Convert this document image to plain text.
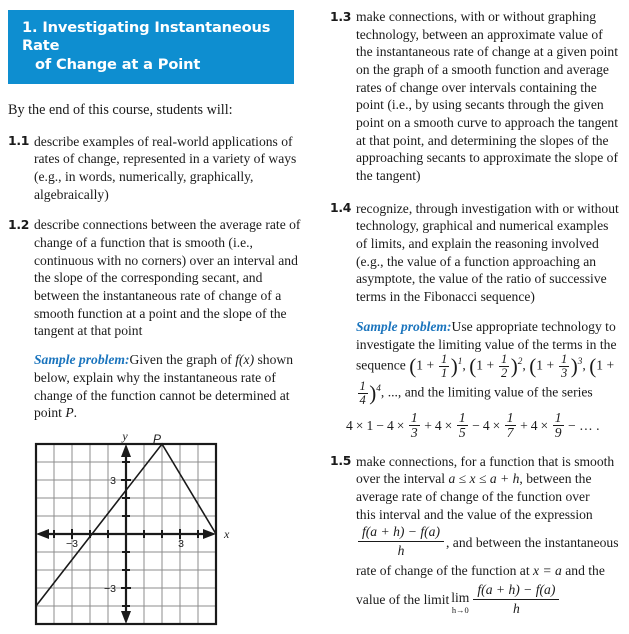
1. Investigating Instantaneous Rate
of Change at a Point
By the end of this course, students will:
1.1 describe examples of real-world applications of rates of change, represented in a variety of ways (e.g., in words, numerically, graphically, algebraically)
1.2 describe connections between the average rate of change of a function that is smooth (i.e., continuous with no corners) over an interval and the slope of the corresponding secant, and between the instantaneous rate of change of a smooth function at a point and the slope of the tangent at that point
Sample problem:Given the graph of f(x) shown below, explain why the instantaneous rate of change of the function cannot be determined at point P.
y
x
P
3
−3
−3	3
1.3 make connections, with or without graphing technology, between an approximate value of the instantaneous rate of change at a given point on the graph of a smooth function and average rates of change over intervals containing the point (i.e., by using secants through the given point on a smooth curve to approach the tangent at that point, and determining the slopes of the approaching secants to approximate the slope of the tangent)
1.4 recognize, through investigation with or without technology, graphical and numerical examples of limits, and explain the reasoning involved (e.g., the value of a function approaching an asymptote, the value of the ratio of successive terms in the Fibonacci sequence)
Sample problem:Use appropriate technology to investigate the limiting value of the terms in the sequence $(1 + \frac{1}{1} )^1$, $(1 + \frac{1}{2} )^2$, $(1 + \frac{1}{3} )^3$, (1 +
$\frac{1}{4} )^4$, ..., and the limiting value of the series
$4 \times 1 - 4 \times \frac{1}{3} + 4 \times \frac{1}{5} - 4 \times \frac{1}{7} + 4 \times \frac{1}{9}$ − … .
1.5 make connections, for a function that is smooth
over the interval a ≤ x ≤ a + h, between the
average rate of change of the function over
this interval and the value of the expression
$\frac{f(a + h) - f(a)}{h}$ , and between the instantaneous
rate of change of the function at x = a and the
value of the limit lim
$h\to 0 \frac{f(a + h) - f(a)}{h}$
